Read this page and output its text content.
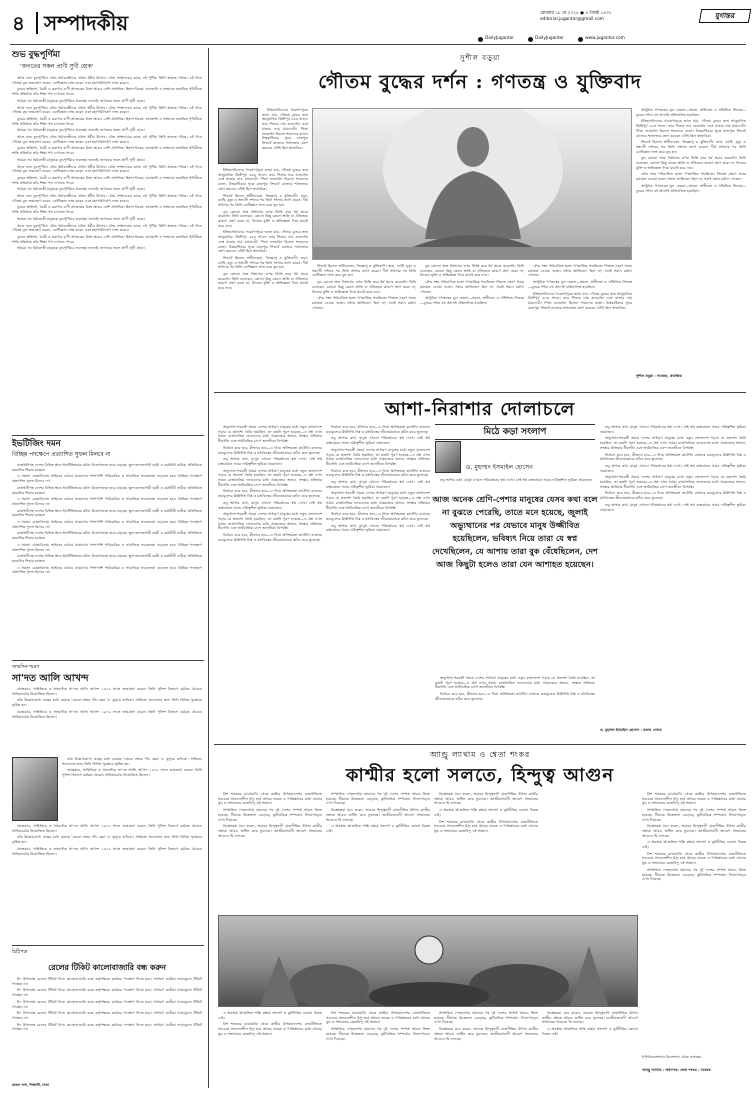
৪ সম্পাদকীয়	রোববার ১৮ মে ২০২৫ ● ৪ জ্যৈষ্ঠ ১৪৩২
editorial.jugantor@gmail.com	যুগান্তর
DailyJugantor	DailyJugantor	www.jugantor.com
শুভ বুদ্ধপূর্ণিমা
'জগতের সকল প্রাণী সুখী হোক'

আজ শুভ বুদ্ধপূর্ণিমা। বৌদ্ধ ধর্মাবলম্বীদের প্রধান ধর্মীয় উৎসব। বৌদ্ধ সম্প্রদায়ের কাছে এই পূর্ণিমা তিথি অত্যন্ত পবিত্র। এই দিনে গৌতম বুদ্ধ জন্মগ্রহণ করেন, বোধিজ্ঞান লাভ করেন এবং মহাপরিনির্বাণ লাভ করেন।

বুদ্ধের অহিংসা, মৈত্রী ও করুণার বাণী আজকের বিশ্বে আরও বেশি প্রাসঙ্গিক। হিংসা-বিদ্বেষ, হানাহানি ও সংঘাতে জর্জরিত পৃথিবীতে শান্তি প্রতিষ্ঠায় তাঁর শিক্ষা পথ দেখাতে পারে।

আমরা সব ধর্মাবলম্বী মানুষকে বুদ্ধপূর্ণিমার শুভেচ্ছা জানাই। জগতের সকল প্রাণী সুখী হোক।

আজ শুভ বুদ্ধপূর্ণিমা। বৌদ্ধ ধর্মাবলম্বীদের প্রধান ধর্মীয় উৎসব। বৌদ্ধ সম্প্রদায়ের কাছে এই পূর্ণিমা তিথি অত্যন্ত পবিত্র। এই দিনে গৌতম বুদ্ধ জন্মগ্রহণ করেন, বোধিজ্ঞান লাভ করেন এবং মহাপরিনির্বাণ লাভ করেন।

বুদ্ধের অহিংসা, মৈত্রী ও করুণার বাণী আজকের বিশ্বে আরও বেশি প্রাসঙ্গিক। হিংসা-বিদ্বেষ, হানাহানি ও সংঘাতে জর্জরিত পৃথিবীতে শান্তি প্রতিষ্ঠায় তাঁর শিক্ষা পথ দেখাতে পারে।

আমরা সব ধর্মাবলম্বী মানুষকে বুদ্ধপূর্ণিমার শুভেচ্ছা জানাই। জগতের সকল প্রাণী সুখী হোক।

আজ শুভ বুদ্ধপূর্ণিমা। বৌদ্ধ ধর্মাবলম্বীদের প্রধান ধর্মীয় উৎসব। বৌদ্ধ সম্প্রদায়ের কাছে এই পূর্ণিমা তিথি অত্যন্ত পবিত্র। এই দিনে গৌতম বুদ্ধ জন্মগ্রহণ করেন, বোধিজ্ঞান লাভ করেন এবং মহাপরিনির্বাণ লাভ করেন।

বুদ্ধের অহিংসা, মৈত্রী ও করুণার বাণী আজকের বিশ্বে আরও বেশি প্রাসঙ্গিক। হিংসা-বিদ্বেষ, হানাহানি ও সংঘাতে জর্জরিত পৃথিবীতে শান্তি প্রতিষ্ঠায় তাঁর শিক্ষা পথ দেখাতে পারে।

আমরা সব ধর্মাবলম্বী মানুষকে বুদ্ধপূর্ণিমার শুভেচ্ছা জানাই। জগতের সকল প্রাণী সুখী হোক।

আজ শুভ বুদ্ধপূর্ণিমা। বৌদ্ধ ধর্মাবলম্বীদের প্রধান ধর্মীয় উৎসব। বৌদ্ধ সম্প্রদায়ের কাছে এই পূর্ণিমা তিথি অত্যন্ত পবিত্র। এই দিনে গৌতম বুদ্ধ জন্মগ্রহণ করেন, বোধিজ্ঞান লাভ করেন এবং মহাপরিনির্বাণ লাভ করেন।

বুদ্ধের অহিংসা, মৈত্রী ও করুণার বাণী আজকের বিশ্বে আরও বেশি প্রাসঙ্গিক। হিংসা-বিদ্বেষ, হানাহানি ও সংঘাতে জর্জরিত পৃথিবীতে শান্তি প্রতিষ্ঠায় তাঁর শিক্ষা পথ দেখাতে পারে।

আমরা সব ধর্মাবলম্বী মানুষকে বুদ্ধপূর্ণিমার শুভেচ্ছা জানাই। জগতের সকল প্রাণী সুখী হোক।

আজ শুভ বুদ্ধপূর্ণিমা। বৌদ্ধ ধর্মাবলম্বীদের প্রধান ধর্মীয় উৎসব। বৌদ্ধ সম্প্রদায়ের কাছে এই পূর্ণিমা তিথি অত্যন্ত পবিত্র। এই দিনে গৌতম বুদ্ধ জন্মগ্রহণ করেন, বোধিজ্ঞান লাভ করেন এবং মহাপরিনির্বাণ লাভ করেন।

বুদ্ধের অহিংসা, মৈত্রী ও করুণার বাণী আজকের বিশ্বে আরও বেশি প্রাসঙ্গিক। হিংসা-বিদ্বেষ, হানাহানি ও সংঘাতে জর্জরিত পৃথিবীতে শান্তি প্রতিষ্ঠায় তাঁর শিক্ষা পথ দেখাতে পারে।

আমরা সব ধর্মাবলম্বী মানুষকে বুদ্ধপূর্ণিমার শুভেচ্ছা জানাই। জগতের সকল প্রাণী সুখী হোক।

আজ শুভ বুদ্ধপূর্ণিমা। বৌদ্ধ ধর্মাবলম্বীদের প্রধান ধর্মীয় উৎসব। বৌদ্ধ সম্প্রদায়ের কাছে এই পূর্ণিমা তিথি অত্যন্ত পবিত্র। এই দিনে গৌতম বুদ্ধ জন্মগ্রহণ করেন, বোধিজ্ঞান লাভ করেন এবং মহাপরিনির্বাণ লাভ করেন।

বুদ্ধের অহিংসা, মৈত্রী ও করুণার বাণী আজকের বিশ্বে আরও বেশি প্রাসঙ্গিক। হিংসা-বিদ্বেষ, হানাহানি ও সংঘাতে জর্জরিত পৃথিবীতে শান্তি প্রতিষ্ঠায় তাঁর শিক্ষা পথ দেখাতে পারে।

আমরা সব ধর্মাবলম্বী মানুষকে বুদ্ধপূর্ণিমার শুভেচ্ছা জানাই। জগতের সকল প্রাণী সুখী হোক।

ইভটিজিং দমন
বিচ্ছিন্ন পদক্ষেপে প্রত্যাশিত সুফল মিলবে না

রাজধানীসহ দেশের বিভিন্ন স্থানে ইভটিজিংয়ের ঘটনা উদ্বেগজনক হারে বাড়ছে। স্কুল-কলেজগামী ছাত্রী ও কর্মজীবী নারীরা প্রতিনিয়ত হয়রানির শিকার হচ্ছেন।

এ সমস্যা মোকাবিলায় আইনের কঠোর প্রয়োগের পাশাপাশি পারিবারিক ও সামাজিক সচেতনতা বাড়াতে হবে। বিচ্ছিন্ন পদক্ষেপে প্রত্যাশিত সুফল মিলবে না।

রাজধানীসহ দেশের বিভিন্ন স্থানে ইভটিজিংয়ের ঘটনা উদ্বেগজনক হারে বাড়ছে। স্কুল-কলেজগামী ছাত্রী ও কর্মজীবী নারীরা প্রতিনিয়ত হয়রানির শিকার হচ্ছেন।

এ সমস্যা মোকাবিলায় আইনের কঠোর প্রয়োগের পাশাপাশি পারিবারিক ও সামাজিক সচেতনতা বাড়াতে হবে। বিচ্ছিন্ন পদক্ষেপে প্রত্যাশিত সুফল মিলবে না।

রাজধানীসহ দেশের বিভিন্ন স্থানে ইভটিজিংয়ের ঘটনা উদ্বেগজনক হারে বাড়ছে। স্কুল-কলেজগামী ছাত্রী ও কর্মজীবী নারীরা প্রতিনিয়ত হয়রানির শিকার হচ্ছেন।

এ সমস্যা মোকাবিলায় আইনের কঠোর প্রয়োগের পাশাপাশি পারিবারিক ও সামাজিক সচেতনতা বাড়াতে হবে। বিচ্ছিন্ন পদক্ষেপে প্রত্যাশিত সুফল মিলবে না।

রাজধানীসহ দেশের বিভিন্ন স্থানে ইভটিজিংয়ের ঘটনা উদ্বেগজনক হারে বাড়ছে। স্কুল-কলেজগামী ছাত্রী ও কর্মজীবী নারীরা প্রতিনিয়ত হয়রানির শিকার হচ্ছেন।

এ সমস্যা মোকাবিলায় আইনের কঠোর প্রয়োগের পাশাপাশি পারিবারিক ও সামাজিক সচেতনতা বাড়াতে হবে। বিচ্ছিন্ন পদক্ষেপে প্রত্যাশিত সুফল মিলবে না।

রাজধানীসহ দেশের বিভিন্ন স্থানে ইভটিজিংয়ের ঘটনা উদ্বেগজনক হারে বাড়ছে। স্কুল-কলেজগামী ছাত্রী ও কর্মজীবী নারীরা প্রতিনিয়ত হয়রানির শিকার হচ্ছেন।

এ সমস্যা মোকাবিলায় আইনের কঠোর প্রয়োগের পাশাপাশি পারিবারিক ও সামাজিক সচেতনতা বাড়াতে হবে। বিচ্ছিন্ন পদক্ষেপে প্রত্যাশিত সুফল মিলবে না।

জন্মদিন-স্মরণ
সা'দত আলি আখন্দ

প্রবন্ধকার, সাহিত্যিক ও সাংবাদিক সা'দত আলি আখন্দ ১৯০৯ সালে জন্মগ্রহণ করেন। তিনি পুলিশ বিভাগে কর্মরত থেকেও সাহিত্যচর্চায় নিয়োজিত ছিলেন।

তাঁর উল্লেখযোগ্য গ্রন্থের মধ্যে রয়েছে 'তেরো নম্বরে পাঁচ বছর' ও 'কুসুমে কণ্টকে'। সাহিত্যে অবদানের জন্য তিনি বিভিন্ন পুরস্কারে ভূষিত হন।

প্রবন্ধকার, সাহিত্যিক ও সাংবাদিক সা'দত আলি আখন্দ ১৯০৯ সালে জন্মগ্রহণ করেন। তিনি পুলিশ বিভাগে কর্মরত থেকেও সাহিত্যচর্চায় নিয়োজিত ছিলেন।

তাঁর উল্লেখযোগ্য গ্রন্থের মধ্যে রয়েছে 'তেরো নম্বরে পাঁচ বছর' ও 'কুসুমে কণ্টকে'। সাহিত্যে অবদানের জন্য তিনি বিভিন্ন পুরস্কারে ভূষিত হন।

প্রবন্ধকার, সাহিত্যিক ও সাংবাদিক সা'দত আলি আখন্দ ১৯০৯ সালে জন্মগ্রহণ করেন। তিনি পুলিশ বিভাগে কর্মরত থেকেও সাহিত্যচর্চায় নিয়োজিত ছিলেন।

প্রবন্ধকার, সাহিত্যিক ও সাংবাদিক সা'দত আলি আখন্দ ১৯০৯ সালে জন্মগ্রহণ করেন। তিনি পুলিশ বিভাগে কর্মরত থেকেও সাহিত্যচর্চায় নিয়োজিত ছিলেন।

তাঁর উল্লেখযোগ্য গ্রন্থের মধ্যে রয়েছে 'তেরো নম্বরে পাঁচ বছর' ও 'কুসুমে কণ্টকে'। সাহিত্যে অবদানের জন্য তিনি বিভিন্ন পুরস্কারে ভূষিত হন।

প্রবন্ধকার, সাহিত্যিক ও সাংবাদিক সা'দত আলি আখন্দ ১৯০৯ সালে জন্মগ্রহণ করেন। তিনি পুলিশ বিভাগে কর্মরত থেকেও সাহিত্যচর্চায় নিয়োজিত ছিলেন।

চিঠিপত্র
রেলের টিকিট কালোবাজারি বন্ধ করুন

ঈদ উপলক্ষে রেলের টিকিট নিয়ে কালোবাজারি বন্ধে কর্তৃপক্ষকে কার্যকর পদক্ষেপ নিতে হবে। সাধারণ যাত্রীরা ন্যায্যমূল্যে টিকিট পাচ্ছেন না।

ঈদ উপলক্ষে রেলের টিকিট নিয়ে কালোবাজারি বন্ধে কর্তৃপক্ষকে কার্যকর পদক্ষেপ নিতে হবে। সাধারণ যাত্রীরা ন্যায্যমূল্যে টিকিট পাচ্ছেন না।

ঈদ উপলক্ষে রেলের টিকিট নিয়ে কালোবাজারি বন্ধে কর্তৃপক্ষকে কার্যকর পদক্ষেপ নিতে হবে। সাধারণ যাত্রীরা ন্যায্যমূল্যে টিকিট পাচ্ছেন না।

ঈদ উপলক্ষে রেলের টিকিট নিয়ে কালোবাজারি বন্ধে কর্তৃপক্ষকে কার্যকর পদক্ষেপ নিতে হবে। সাধারণ যাত্রীরা ন্যায্যমূল্যে টিকিট পাচ্ছেন না।

ঈদ উপলক্ষে রেলের টিকিট নিয়ে কালোবাজারি বন্ধে কর্তৃপক্ষকে কার্যকর পদক্ষেপ নিতে হবে। সাধারণ যাত্রীরা ন্যায্যমূল্যে টিকিট পাচ্ছেন না।

রাজন দাস, শিক্ষার্থী, ঢাকা
সুশীল বড়ুয়া
গৌতম বুদ্ধের দর্শন : গণতন্ত্র ও যুক্তিবাদ

ইতিহাসবিদদের গবেষণাসূত্রে জানা যায়, গৌতম বুদ্ধের জন্ম আনুমানিক খ্রিস্টপূর্ব ৫৬৩ সালে। তার পিতার নাম শুদ্ধোধন এবং মাতার নাম মায়াদেবী। পিতা শুদ্ধোধন ছিলেন শাক্যদের রাজা। উত্তরাধিকার সূত্রে রাজপুত্র সিদ্ধার্থ রাজ্যের শাসনভার গ্রহণ করবেন এটাই ছিল স্বাভাবিক।

ইতিহাসবিদদের গবেষণাসূত্রে জানা যায়, গৌতম বুদ্ধের জন্ম আনুমানিক খ্রিস্টপূর্ব ৫৬৩ সালে। তার পিতার নাম শুদ্ধোধন এবং মাতার নাম মায়াদেবী। পিতা শুদ্ধোধন ছিলেন শাক্যদের রাজা। উত্তরাধিকার সূত্রে রাজপুত্র সিদ্ধার্থ রাজ্যের শাসনভার গ্রহণ করবেন এটাই ছিল স্বাভাবিক।

সিদ্ধার্থ ছিলেন স্বাধীনচেতা, জিজ্ঞাসু ও যুক্তিবাদী। জরা, ব্যাধি, মৃত্যু ও সন্ন্যাসী দর্শনের পর তিনি সংসার ত্যাগ করেন। দীর্ঘ সাধনার পর তিনি বোধিজ্ঞান লাভ করে বুদ্ধ হন।

বুদ্ধ কোনো অন্ধ বিশ্বাসের ওপর ভিত্তি করে ধর্ম প্রচার করেননি। তিনি বলেছেন, কোনো কিছু কেবল শ্রুতি বা ঐতিহ্যের কারণে গ্রহণ করো না; নিজের যুক্তি ও অভিজ্ঞতা দিয়ে যাচাই করে নাও।

ইতিহাসবিদদের গবেষণাসূত্রে জানা যায়, গৌতম বুদ্ধের জন্ম আনুমানিক খ্রিস্টপূর্ব ৫৬৩ সালে। তার পিতার নাম শুদ্ধোধন এবং মাতার নাম মায়াদেবী। পিতা শুদ্ধোধন ছিলেন শাক্যদের রাজা। উত্তরাধিকার সূত্রে রাজপুত্র সিদ্ধার্থ রাজ্যের শাসনভার গ্রহণ করবেন এটাই ছিল স্বাভাবিক।

সিদ্ধার্থ ছিলেন স্বাধীনচেতা, জিজ্ঞাসু ও যুক্তিবাদী। জরা, ব্যাধি, মৃত্যু ও সন্ন্যাসী দর্শনের পর তিনি সংসার ত্যাগ করেন। দীর্ঘ সাধনার পর তিনি বোধিজ্ঞান লাভ করে বুদ্ধ হন।

বুদ্ধ কোনো অন্ধ বিশ্বাসের ওপর ভিত্তি করে ধর্ম প্রচার করেননি। তিনি বলেছেন, কোনো কিছু কেবল শ্রুতি বা ঐতিহ্যের কারণে গ্রহণ করো না; নিজের যুক্তি ও অভিজ্ঞতা দিয়ে যাচাই করে নাও।

সিদ্ধার্থ ছিলেন স্বাধীনচেতা, জিজ্ঞাসু ও যুক্তিবাদী। জরা, ব্যাধি, মৃত্যু ও সন্ন্যাসী দর্শনের পর তিনি সংসার ত্যাগ করেন। দীর্ঘ সাধনার পর তিনি বোধিজ্ঞান লাভ করে বুদ্ধ হন।

বুদ্ধ কোনো অন্ধ বিশ্বাসের ওপর ভিত্তি করে ধর্ম প্রচার করেননি। তিনি বলেছেন, কোনো কিছু কেবল শ্রুতি বা ঐতিহ্যের কারণে গ্রহণ করো না; নিজের যুক্তি ও অভিজ্ঞতা দিয়ে যাচাই করে নাও।

বৌদ্ধ সংঘ পরিচালিত হতো গণতান্ত্রিক পদ্ধতিতে। সিদ্ধান্ত গ্রহণে সবার মতামত নেওয়া হতো। সংঘে জাতিভেদ ছিল না; সবাই সমান মর্যাদা পেতেন।

বুদ্ধ কোনো অন্ধ বিশ্বাসের ওপর ভিত্তি করে ধর্ম প্রচার করেননি। তিনি বলেছেন, কোনো কিছু কেবল শ্রুতি বা ঐতিহ্যের কারণে গ্রহণ করো না; নিজের যুক্তি ও অভিজ্ঞতা দিয়ে যাচাই করে নাও।

বৌদ্ধ সংঘ পরিচালিত হতো গণতান্ত্রিক পদ্ধতিতে। সিদ্ধান্ত গ্রহণে সবার মতামত নেওয়া হতো। সংঘে জাতিভেদ ছিল না; সবাই সমান মর্যাদা পেতেন।

আধুনিক গণতন্ত্রের মূল চেতনা—সমতা, স্বাধীনতা ও সম্মিলিত সিদ্ধান্ত—বুদ্ধের দর্শনে বহু আগেই প্রতিফলিত হয়েছিল।

বৌদ্ধ সংঘ পরিচালিত হতো গণতান্ত্রিক পদ্ধতিতে। সিদ্ধান্ত গ্রহণে সবার মতামত নেওয়া হতো। সংঘে জাতিভেদ ছিল না; সবাই সমান মর্যাদা পেতেন।

আধুনিক গণতন্ত্রের মূল চেতনা—সমতা, স্বাধীনতা ও সম্মিলিত সিদ্ধান্ত—বুদ্ধের দর্শনে বহু আগেই প্রতিফলিত হয়েছিল।

ইতিহাসবিদদের গবেষণাসূত্রে জানা যায়, গৌতম বুদ্ধের জন্ম আনুমানিক খ্রিস্টপূর্ব ৫৬৩ সালে। তার পিতার নাম শুদ্ধোধন এবং মাতার নাম মায়াদেবী। পিতা শুদ্ধোধন ছিলেন শাক্যদের রাজা। উত্তরাধিকার সূত্রে রাজপুত্র সিদ্ধার্থ রাজ্যের শাসনভার গ্রহণ করবেন এটাই ছিল স্বাভাবিক।

আধুনিক গণতন্ত্রের মূল চেতনা—সমতা, স্বাধীনতা ও সম্মিলিত সিদ্ধান্ত—বুদ্ধের দর্শনে বহু আগেই প্রতিফলিত হয়েছিল।

ইতিহাসবিদদের গবেষণাসূত্রে জানা যায়, গৌতম বুদ্ধের জন্ম আনুমানিক খ্রিস্টপূর্ব ৫৬৩ সালে। তার পিতার নাম শুদ্ধোধন এবং মাতার নাম মায়াদেবী। পিতা শুদ্ধোধন ছিলেন শাক্যদের রাজা। উত্তরাধিকার সূত্রে রাজপুত্র সিদ্ধার্থ রাজ্যের শাসনভার গ্রহণ করবেন এটাই ছিল স্বাভাবিক।

সিদ্ধার্থ ছিলেন স্বাধীনচেতা, জিজ্ঞাসু ও যুক্তিবাদী। জরা, ব্যাধি, মৃত্যু ও সন্ন্যাসী দর্শনের পর তিনি সংসার ত্যাগ করেন। দীর্ঘ সাধনার পর তিনি বোধিজ্ঞান লাভ করে বুদ্ধ হন।

বুদ্ধ কোনো অন্ধ বিশ্বাসের ওপর ভিত্তি করে ধর্ম প্রচার করেননি। তিনি বলেছেন, কোনো কিছু কেবল শ্রুতি বা ঐতিহ্যের কারণে গ্রহণ করো না; নিজের যুক্তি ও অভিজ্ঞতা দিয়ে যাচাই করে নাও।

বৌদ্ধ সংঘ পরিচালিত হতো গণতান্ত্রিক পদ্ধতিতে। সিদ্ধান্ত গ্রহণে সবার মতামত নেওয়া হতো। সংঘে জাতিভেদ ছিল না; সবাই সমান মর্যাদা পেতেন।

আধুনিক গণতন্ত্রের মূল চেতনা—সমতা, স্বাধীনতা ও সম্মিলিত সিদ্ধান্ত—বুদ্ধের দর্শনে বহু আগেই প্রতিফলিত হয়েছিল।

সুশীল বড়ুয়া : গবেষক, প্রাবন্ধিক
আশা-নিরাশার দোলাচলে
মিঠে কড়া সংলাপ
ড. মুহাম্মদ ইসমাইল হোসেন

অভ্যুত্থান-পরবর্তী সময়ে দেশের সাধারণ মানুষের মধ্যে নতুন বাংলাদেশ গড়ার যে প্রত্যাশা তৈরি হয়েছিল, তা কতটা পূরণ হয়েছে—এ প্রশ্ন এখন সর্বত্র। রাজনৈতিক দলগুলোর মধ্যে ঐকমত্যের অভাব, সংস্কার প্রক্রিয়ার ধীরগতি এবং অর্থনৈতিক চাপে জনজীবন বিপর্যস্ত।

নির্বাচন কবে হবে, কীভাবে হবে—এ নিয়ে অনিশ্চয়তা কাটেনি। বাজারে দ্রব্যমূল্যের ঊর্ধ্বগতি নিম্ন ও মধ্যবিত্তের জীবনযাত্রাকে কঠিন করে তুলেছে।

তবু আশার কথা, মানুষ এখনো পরিবর্তনের স্বপ্ন দেখে। সেই স্বপ্ন বাস্তবায়নে সবার দায়িত্বশীল ভূমিকা প্রয়োজন।

অভ্যুত্থান-পরবর্তী সময়ে দেশের সাধারণ মানুষের মধ্যে নতুন বাংলাদেশ গড়ার যে প্রত্যাশা তৈরি হয়েছিল, তা কতটা পূরণ হয়েছে—এ প্রশ্ন এখন সর্বত্র। রাজনৈতিক দলগুলোর মধ্যে ঐকমত্যের অভাব, সংস্কার প্রক্রিয়ার ধীরগতি এবং অর্থনৈতিক চাপে জনজীবন বিপর্যস্ত।

নির্বাচন কবে হবে, কীভাবে হবে—এ নিয়ে অনিশ্চয়তা কাটেনি। বাজারে দ্রব্যমূল্যের ঊর্ধ্বগতি নিম্ন ও মধ্যবিত্তের জীবনযাত্রাকে কঠিন করে তুলেছে।

তবু আশার কথা, মানুষ এখনো পরিবর্তনের স্বপ্ন দেখে। সেই স্বপ্ন বাস্তবায়নে সবার দায়িত্বশীল ভূমিকা প্রয়োজন।

অভ্যুত্থান-পরবর্তী সময়ে দেশের সাধারণ মানুষের মধ্যে নতুন বাংলাদেশ গড়ার যে প্রত্যাশা তৈরি হয়েছিল, তা কতটা পূরণ হয়েছে—এ প্রশ্ন এখন সর্বত্র। রাজনৈতিক দলগুলোর মধ্যে ঐকমত্যের অভাব, সংস্কার প্রক্রিয়ার ধীরগতি এবং অর্থনৈতিক চাপে জনজীবন বিপর্যস্ত।

নির্বাচন কবে হবে, কীভাবে হবে—এ নিয়ে অনিশ্চয়তা কাটেনি। বাজারে দ্রব্যমূল্যের ঊর্ধ্বগতি নিম্ন ও মধ্যবিত্তের জীবনযাত্রাকে কঠিন করে তুলেছে।

নির্বাচন কবে হবে, কীভাবে হবে—এ নিয়ে অনিশ্চয়তা কাটেনি। বাজারে দ্রব্যমূল্যের ঊর্ধ্বগতি নিম্ন ও মধ্যবিত্তের জীবনযাত্রাকে কঠিন করে তুলেছে।

তবু আশার কথা, মানুষ এখনো পরিবর্তনের স্বপ্ন দেখে। সেই স্বপ্ন বাস্তবায়নে সবার দায়িত্বশীল ভূমিকা প্রয়োজন।

অভ্যুত্থান-পরবর্তী সময়ে দেশের সাধারণ মানুষের মধ্যে নতুন বাংলাদেশ গড়ার যে প্রত্যাশা তৈরি হয়েছিল, তা কতটা পূরণ হয়েছে—এ প্রশ্ন এখন সর্বত্র। রাজনৈতিক দলগুলোর মধ্যে ঐকমত্যের অভাব, সংস্কার প্রক্রিয়ার ধীরগতি এবং অর্থনৈতিক চাপে জনজীবন বিপর্যস্ত।

নির্বাচন কবে হবে, কীভাবে হবে—এ নিয়ে অনিশ্চয়তা কাটেনি। বাজারে দ্রব্যমূল্যের ঊর্ধ্বগতি নিম্ন ও মধ্যবিত্তের জীবনযাত্রাকে কঠিন করে তুলেছে।

তবু আশার কথা, মানুষ এখনো পরিবর্তনের স্বপ্ন দেখে। সেই স্বপ্ন বাস্তবায়নে সবার দায়িত্বশীল ভূমিকা প্রয়োজন।

অভ্যুত্থান-পরবর্তী সময়ে দেশের সাধারণ মানুষের মধ্যে নতুন বাংলাদেশ গড়ার যে প্রত্যাশা তৈরি হয়েছিল, তা কতটা পূরণ হয়েছে—এ প্রশ্ন এখন সর্বত্র। রাজনৈতিক দলগুলোর মধ্যে ঐকমত্যের অভাব, সংস্কার প্রক্রিয়ার ধীরগতি এবং অর্থনৈতিক চাপে জনজীবন বিপর্যস্ত।

নির্বাচন কবে হবে, কীভাবে হবে—এ নিয়ে অনিশ্চয়তা কাটেনি। বাজারে দ্রব্যমূল্যের ঊর্ধ্বগতি নিম্ন ও মধ্যবিত্তের জীবনযাত্রাকে কঠিন করে তুলেছে।

তবু আশার কথা, মানুষ এখনো পরিবর্তনের স্বপ্ন দেখে। সেই স্বপ্ন বাস্তবায়নে সবার দায়িত্বশীল ভূমিকা প্রয়োজন।

তবু আশার কথা, মানুষ এখনো পরিবর্তনের স্বপ্ন দেখে। সেই স্বপ্ন বাস্তবায়নে সবার দায়িত্বশীল ভূমিকা প্রয়োজন।

আজ অনেক শ্রেণি-পেশার মানুষের যেসব কথা বলে না বুঝতে পেরেছি, তাতে মনে হয়েছে, জুলাই অভ্যুত্থানের পর যেভাবে মানুষ উজ্জীবিত হয়েছিলেন, ভবিষ্যৎ নিয়ে তারা যে স্বপ্ন দেখেছিলেন, যে আশায় তারা বুক বেঁধেছিলেন, দেশ আজ কিছুটা হলেও তারা যেন আশাহত হয়েছেন।

অভ্যুত্থান-পরবর্তী সময়ে দেশের সাধারণ মানুষের মধ্যে নতুন বাংলাদেশ গড়ার যে প্রত্যাশা তৈরি হয়েছিল, তা কতটা পূরণ হয়েছে—এ প্রশ্ন এখন সর্বত্র। রাজনৈতিক দলগুলোর মধ্যে ঐকমত্যের অভাব, সংস্কার প্রক্রিয়ার ধীরগতি এবং অর্থনৈতিক চাপে জনজীবন বিপর্যস্ত।

নির্বাচন কবে হবে, কীভাবে হবে—এ নিয়ে অনিশ্চয়তা কাটেনি। বাজারে দ্রব্যমূল্যের ঊর্ধ্বগতি নিম্ন ও মধ্যবিত্তের জীবনযাত্রাকে কঠিন করে তুলেছে।

তবু আশার কথা, মানুষ এখনো পরিবর্তনের স্বপ্ন দেখে। সেই স্বপ্ন বাস্তবায়নে সবার দায়িত্বশীল ভূমিকা প্রয়োজন।

অভ্যুত্থান-পরবর্তী সময়ে দেশের সাধারণ মানুষের মধ্যে নতুন বাংলাদেশ গড়ার যে প্রত্যাশা তৈরি হয়েছিল, তা কতটা পূরণ হয়েছে—এ প্রশ্ন এখন সর্বত্র। রাজনৈতিক দলগুলোর মধ্যে ঐকমত্যের অভাব, সংস্কার প্রক্রিয়ার ধীরগতি এবং অর্থনৈতিক চাপে জনজীবন বিপর্যস্ত।

নির্বাচন কবে হবে, কীভাবে হবে—এ নিয়ে অনিশ্চয়তা কাটেনি। বাজারে দ্রব্যমূল্যের ঊর্ধ্বগতি নিম্ন ও মধ্যবিত্তের জীবনযাত্রাকে কঠিন করে তুলেছে।

তবু আশার কথা, মানুষ এখনো পরিবর্তনের স্বপ্ন দেখে। সেই স্বপ্ন বাস্তবায়নে সবার দায়িত্বশীল ভূমিকা প্রয়োজন।

অভ্যুত্থান-পরবর্তী সময়ে দেশের সাধারণ মানুষের মধ্যে নতুন বাংলাদেশ গড়ার যে প্রত্যাশা তৈরি হয়েছিল, তা কতটা পূরণ হয়েছে—এ প্রশ্ন এখন সর্বত্র। রাজনৈতিক দলগুলোর মধ্যে ঐকমত্যের অভাব, সংস্কার প্রক্রিয়ার ধীরগতি এবং অর্থনৈতিক চাপে জনজীবন বিপর্যস্ত।

নির্বাচন কবে হবে, কীভাবে হবে—এ নিয়ে অনিশ্চয়তা কাটেনি। বাজারে দ্রব্যমূল্যের ঊর্ধ্বগতি নিম্ন ও মধ্যবিত্তের জীবনযাত্রাকে কঠিন করে তুলেছে।

তবু আশার কথা, মানুষ এখনো পরিবর্তনের স্বপ্ন দেখে। সেই স্বপ্ন বাস্তবায়নে সবার দায়িত্বশীল ভূমিকা প্রয়োজন।

ড. মুহাম্মদ ইসমাইল হোসেন : কলাম লেখক
অ্যান্ড্রু ল্যাথাম ও শ্বেতা শংকর
কাশ্মীর হলো সলতে, হিন্দুত্ব আগুন

বিশ শতকের মাঝামাঝি থেকে কাশ্মীর উপমহাদেশের রাজনীতিতে সবচেয়ে সংবেদনশীল ইস্যু হয়ে আছে। ভারত ও পাকিস্তানের মধ্যে বহুবার যুদ্ধ ও সংঘাতের কেন্দ্রবিন্দু এই অঞ্চল।

সাম্প্রতিক পেহেলগাম হামলার পর দুই দেশের সম্পর্ক আরও তিক্ত হয়েছে। সীমান্তে উত্তেজনা বেড়েছে, কূটনৈতিক সম্পর্কেও টানাপোড়েন দেখা দিয়েছে।

বিশ্লেষকরা মনে করেন, ভারতে হিন্দুত্ববাদী রাজনীতির উত্থান কাশ্মীর প্রশ্নকে আরও জটিল করে তুলেছে। জাতীয়তাবাদী আবেগ সংঘাতের আগুনে ঘি ঢালছে।

সাম্প্রতিক পেহেলগাম হামলার পর দুই দেশের সম্পর্ক আরও তিক্ত হয়েছে। সীমান্তে উত্তেজনা বেড়েছে, কূটনৈতিক সম্পর্কেও টানাপোড়েন দেখা দিয়েছে।

বিশ্লেষকরা মনে করেন, ভারতে হিন্দুত্ববাদী রাজনীতির উত্থান কাশ্মীর প্রশ্নকে আরও জটিল করে তুলেছে। জাতীয়তাবাদী আবেগ সংঘাতের আগুনে ঘি ঢালছে।

এ অবস্থায় আঞ্চলিক শান্তি রক্ষায় সংলাপ ও কূটনীতির কোনো বিকল্প নেই।

বিশ্লেষকরা মনে করেন, ভারতে হিন্দুত্ববাদী রাজনীতির উত্থান কাশ্মীর প্রশ্নকে আরও জটিল করে তুলেছে। জাতীয়তাবাদী আবেগ সংঘাতের আগুনে ঘি ঢালছে।

এ অবস্থায় আঞ্চলিক শান্তি রক্ষায় সংলাপ ও কূটনীতির কোনো বিকল্প নেই।

বিশ শতকের মাঝামাঝি থেকে কাশ্মীর উপমহাদেশের রাজনীতিতে সবচেয়ে সংবেদনশীল ইস্যু হয়ে আছে। ভারত ও পাকিস্তানের মধ্যে বহুবার যুদ্ধ ও সংঘাতের কেন্দ্রবিন্দু এই অঞ্চল।

এ অবস্থায় আঞ্চলিক শান্তি রক্ষায় সংলাপ ও কূটনীতির কোনো বিকল্প নেই।

বিশ শতকের মাঝামাঝি থেকে কাশ্মীর উপমহাদেশের রাজনীতিতে সবচেয়ে সংবেদনশীল ইস্যু হয়ে আছে। ভারত ও পাকিস্তানের মধ্যে বহুবার যুদ্ধ ও সংঘাতের কেন্দ্রবিন্দু এই অঞ্চল।

বিশ শতকের মাঝামাঝি থেকে কাশ্মীর উপমহাদেশের রাজনীতিতে সবচেয়ে সংবেদনশীল ইস্যু হয়ে আছে। ভারত ও পাকিস্তানের মধ্যে বহুবার যুদ্ধ ও সংঘাতের কেন্দ্রবিন্দু এই অঞ্চল।

সাম্প্রতিক পেহেলগাম হামলার পর দুই দেশের সম্পর্ক আরও তিক্ত হয়েছে। সীমান্তে উত্তেজনা বেড়েছে, কূটনৈতিক সম্পর্কেও টানাপোড়েন দেখা দিয়েছে।

সাম্প্রতিক পেহেলগাম হামলার পর দুই দেশের সম্পর্ক আরও তিক্ত হয়েছে। সীমান্তে উত্তেজনা বেড়েছে, কূটনৈতিক সম্পর্কেও টানাপোড়েন দেখা দিয়েছে।

বিশ্লেষকরা মনে করেন, ভারতে হিন্দুত্ববাদী রাজনীতির উত্থান কাশ্মীর প্রশ্নকে আরও জটিল করে তুলেছে। জাতীয়তাবাদী আবেগ সংঘাতের আগুনে ঘি ঢালছে।

বিশ্লেষকরা মনে করেন, ভারতে হিন্দুত্ববাদী রাজনীতির উত্থান কাশ্মীর প্রশ্নকে আরও জটিল করে তুলেছে। জাতীয়তাবাদী আবেগ সংঘাতের আগুনে ঘি ঢালছে।

এ অবস্থায় আঞ্চলিক শান্তি রক্ষায় সংলাপ ও কূটনীতির কোনো বিকল্প নেই।

বিশ শতকের মাঝামাঝি থেকে কাশ্মীর উপমহাদেশের রাজনীতিতে সবচেয়ে সংবেদনশীল ইস্যু হয়ে আছে। ভারত ও পাকিস্তানের মধ্যে বহুবার যুদ্ধ ও সংঘাতের কেন্দ্রবিন্দু এই অঞ্চল।

সাম্প্রতিক পেহেলগাম হামলার পর দুই দেশের সম্পর্ক আরও তিক্ত হয়েছে। সীমান্তে উত্তেজনা বেড়েছে, কূটনৈতিক সম্পর্কেও টানাপোড়েন দেখা দিয়েছে।

বিশ্লেষকরা মনে করেন, ভারতে হিন্দুত্ববাদী রাজনীতির উত্থান কাশ্মীর প্রশ্নকে আরও জটিল করে তুলেছে। জাতীয়তাবাদী আবেগ সংঘাতের আগুনে ঘি ঢালছে।

এ অবস্থায় আঞ্চলিক শান্তি রক্ষায় সংলাপ ও কূটনীতির কোনো বিকল্প নেই।

বিশ শতকের মাঝামাঝি থেকে কাশ্মীর উপমহাদেশের রাজনীতিতে সবচেয়ে সংবেদনশীল ইস্যু হয়ে আছে। ভারত ও পাকিস্তানের মধ্যে বহুবার যুদ্ধ ও সংঘাতের কেন্দ্রবিন্দু এই অঞ্চল।

সাম্প্রতিক পেহেলগাম হামলার পর দুই দেশের সম্পর্ক আরও তিক্ত হয়েছে। সীমান্তে উত্তেজনা বেড়েছে, কূটনৈতিক সম্পর্কেও টানাপোড়েন দেখা দিয়েছে।

ই-ইন্টারন্যাশনাল রিলেশনস থেকে ভাষান্তর
অ্যান্ড্রু ল্যাথাম : অধ্যাপক; শ্বেতা শংকর : গবেষক
